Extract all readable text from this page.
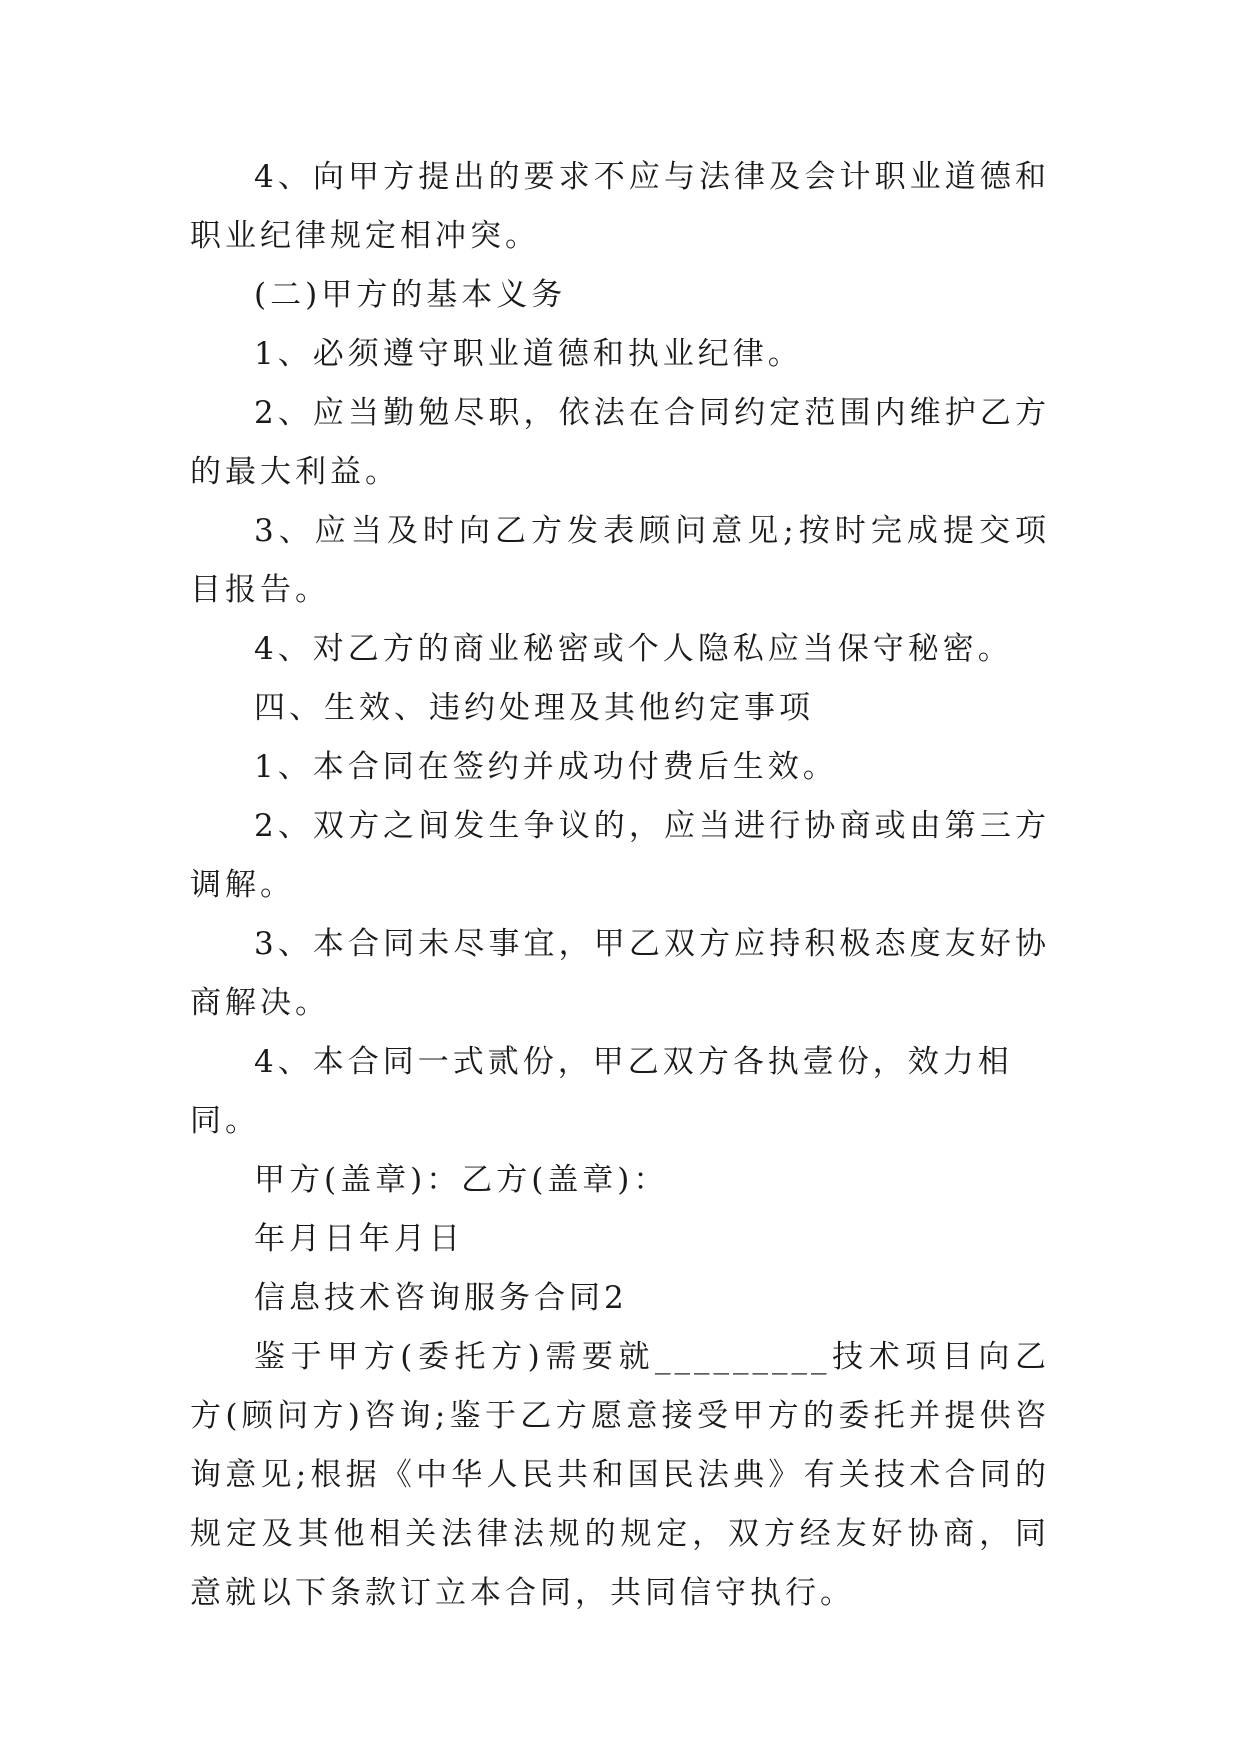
4、向甲方提出的要求不应与法律及会计职业道德和职业纪律规定相冲突。

(二)甲方的基本义务

1、必须遵守职业道德和执业纪律。

2、应当勤勉尽职，依法在合同约定范围内维护乙方的最大利益。

3、应当及时向乙方发表顾问意见;按时完成提交项目报告。

4、对乙方的商业秘密或个人隐私应当保守秘密。

四、生效、违约处理及其他约定事项

1、本合同在签约并成功付费后生效。

2、双方之间发生争议的，应当进行协商或由第三方调解。

3、本合同未尽事宜，甲乙双方应持积极态度友好协商解决。

4、本合同一式贰份，甲乙双方各执壹份，效力相同。

甲方(盖章)：乙方(盖章)：

年月日年月日

信息技术咨询服务合同2

鉴于甲方(委托方)需要就_________技术项目向乙方(顾问方)咨询;鉴于乙方愿意接受甲方的委托并提供咨询意见;根据《中华人民共和国民法典》有关技术合同的规定及其他相关法律法规的规定，双方经友好协商，同意就以下条款订立本合同，共同信守执行。
